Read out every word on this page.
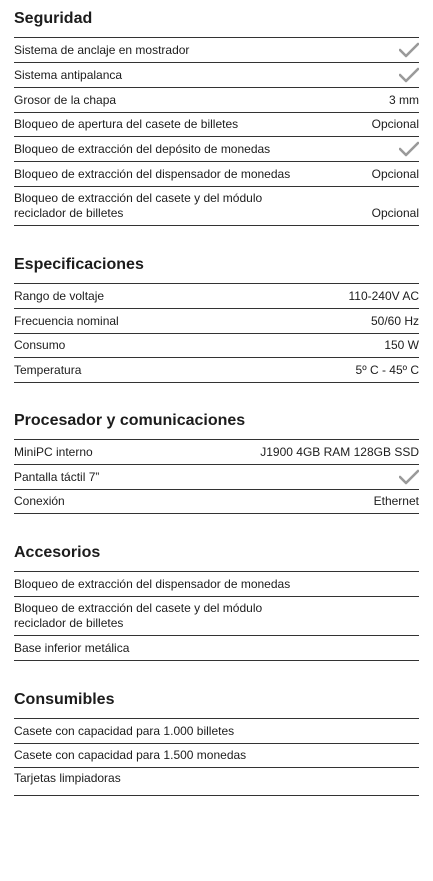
Seguridad
Sistema de anclaje en mostrador
Sistema antipalanca
Grosor de la chapa	3 mm
Bloqueo de apertura del casete de billetes	Opcional
Bloqueo de extracción del depósito de monedas
Bloqueo de extracción del dispensador de monedas	Opcional
Bloqueo de extracción del casete y del módulo reciclador de billetes	Opcional
Especificaciones
Rango de voltaje	110-240V AC
Frecuencia nominal	50/60 Hz
Consumo	150 W
Temperatura	5º C - 45º C
Procesador y comunicaciones
MiniPC interno	J1900 4GB RAM 128GB SSD
Pantalla táctil 7”
Conexión	Ethernet
Accesorios
Bloqueo de extracción del dispensador de monedas
Bloqueo de extracción del casete y del módulo reciclador de billetes
Base inferior metálica
Consumibles
Casete con capacidad para 1.000 billetes
Casete con capacidad para 1.500 monedas
Tarjetas limpiadoras
